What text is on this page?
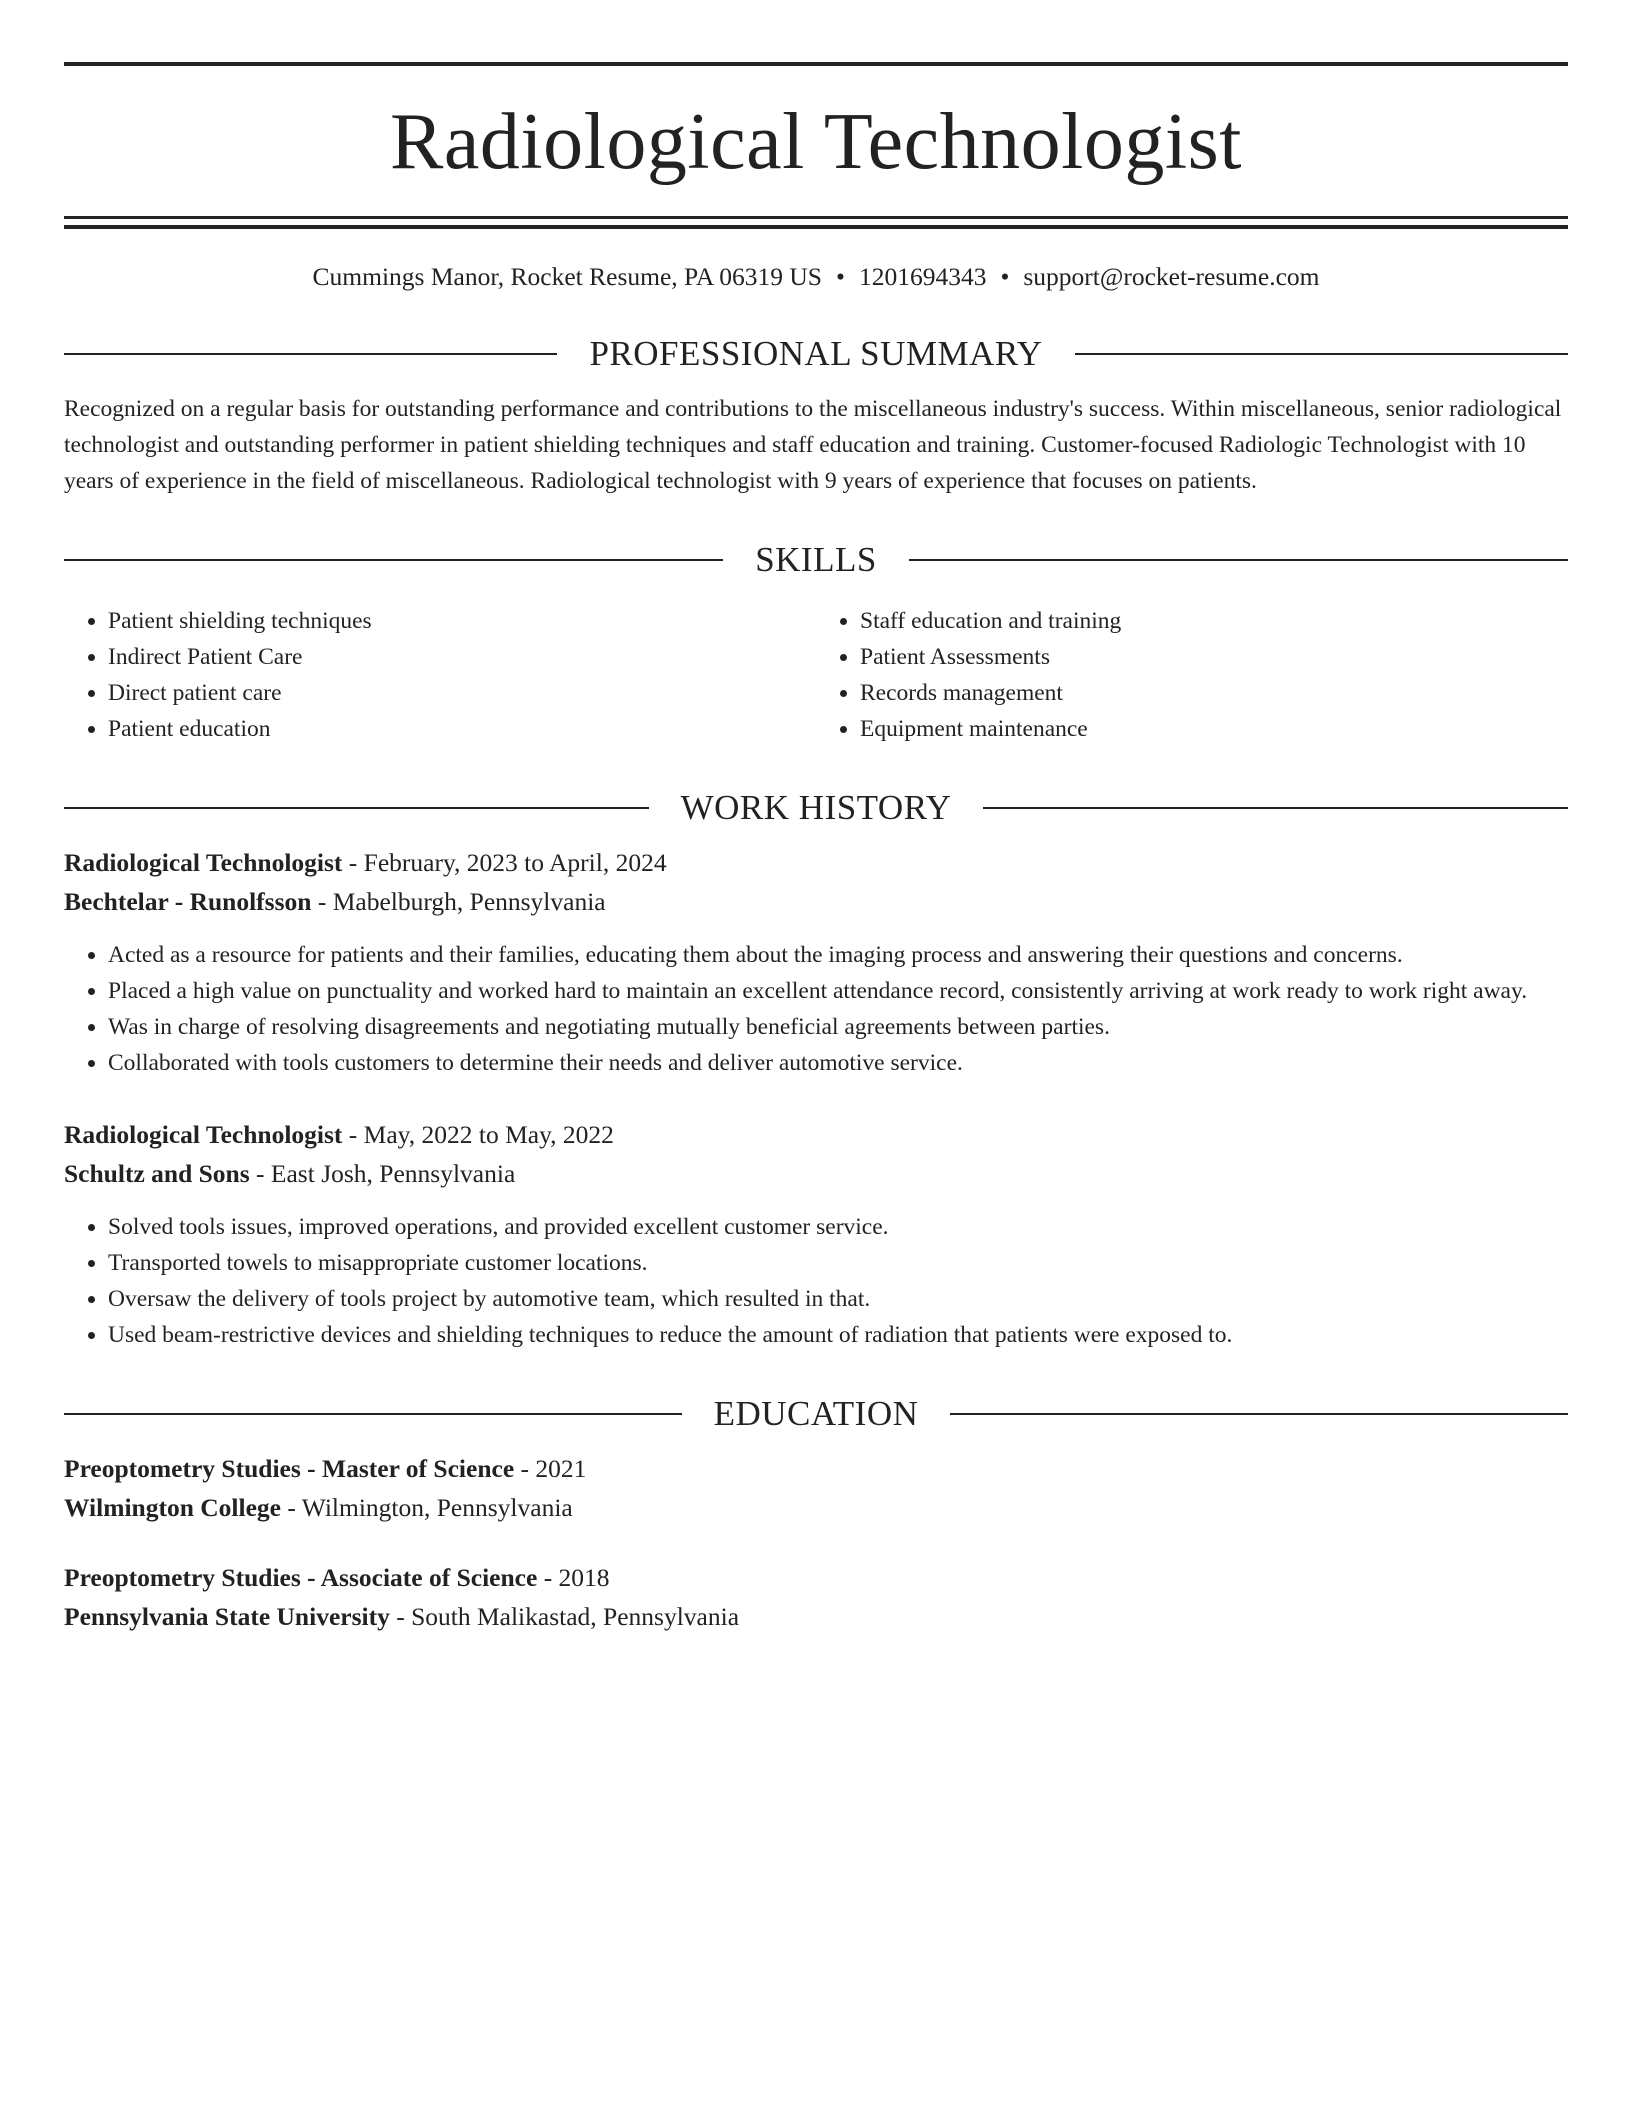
Radiological Technologist
Cummings Manor, Rocket Resume, PA 06319 US • 1201694343 • support@rocket-resume.com
PROFESSIONAL SUMMARY

Recognized on a regular basis for outstanding performance and contributions to the miscellaneous industry's success. Within miscellaneous, senior radiological technologist and outstanding performer in patient shielding techniques and staff education and training. Customer-focused Radiologic Technologist with 10 years of experience in the field of miscellaneous. Radiological technologist with 9 years of experience that focuses on patients.

SKILLS
• Patient shielding techniques
• Indirect Patient Care
• Direct patient care
• Patient education
• Staff education and training
• Patient Assessments
• Records management
• Equipment maintenance
WORK HISTORY
Radiological Technologist - February, 2023 to April, 2024
Bechtelar - Runolfsson - Mabelburgh, Pennsylvania
• Acted as a resource for patients and their families, educating them about the imaging process and answering their questions and concerns.
• Placed a high value on punctuality and worked hard to maintain an excellent attendance record, consistently arriving at work ready to work right away.
• Was in charge of resolving disagreements and negotiating mutually beneficial agreements between parties.
• Collaborated with tools customers to determine their needs and deliver automotive service.
Radiological Technologist - May, 2022 to May, 2022
Schultz and Sons - East Josh, Pennsylvania
• Solved tools issues, improved operations, and provided excellent customer service.
• Transported towels to misappropriate customer locations.
• Oversaw the delivery of tools project by automotive team, which resulted in that.
• Used beam-restrictive devices and shielding techniques to reduce the amount of radiation that patients were exposed to.
EDUCATION
Preoptometry Studies - Master of Science - 2021
Wilmington College - Wilmington, Pennsylvania
Preoptometry Studies - Associate of Science - 2018
Pennsylvania State University - South Malikastad, Pennsylvania
